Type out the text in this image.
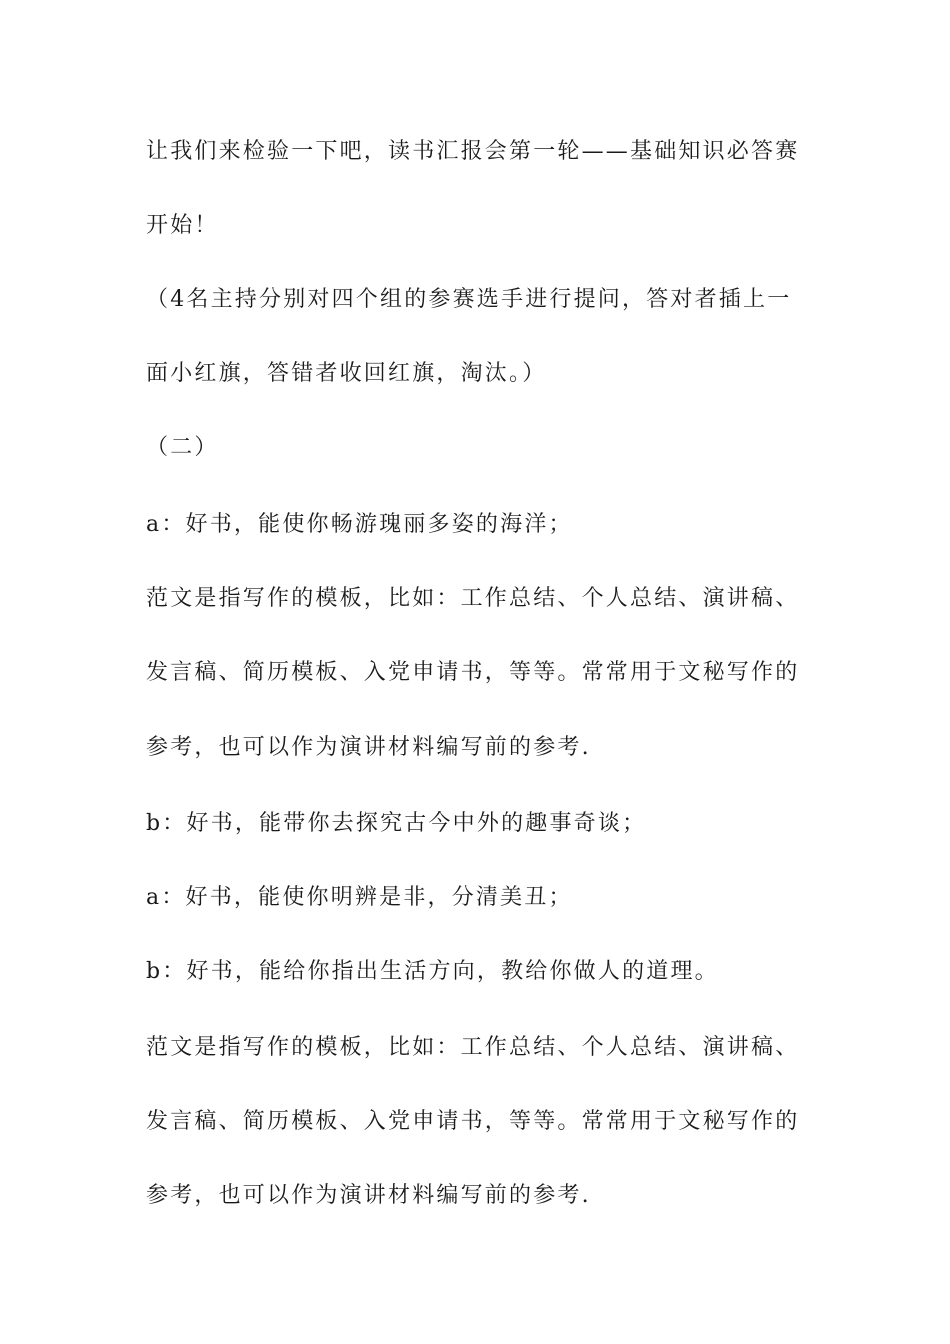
让我们来检验一下吧，读书汇报会第一轮——基础知识必答赛
开始！
（4名主持分别对四个组的参赛选手进行提问，答对者插上一
面小红旗，答错者收回红旗，淘汰。）
（二）
a：好书，能使你畅游瑰丽多姿的海洋；
范文是指写作的模板，比如：工作总结、个人总结、演讲稿、
发言稿、简历模板、入党申请书，等等。常常用于文秘写作的
参考，也可以作为演讲材料编写前的参考.
b：好书，能带你去探究古今中外的趣事奇谈；
a：好书，能使你明辨是非，分清美丑；
b：好书，能给你指出生活方向，教给你做人的道理。
范文是指写作的模板，比如：工作总结、个人总结、演讲稿、
发言稿、简历模板、入党申请书，等等。常常用于文秘写作的
参考，也可以作为演讲材料编写前的参考.
